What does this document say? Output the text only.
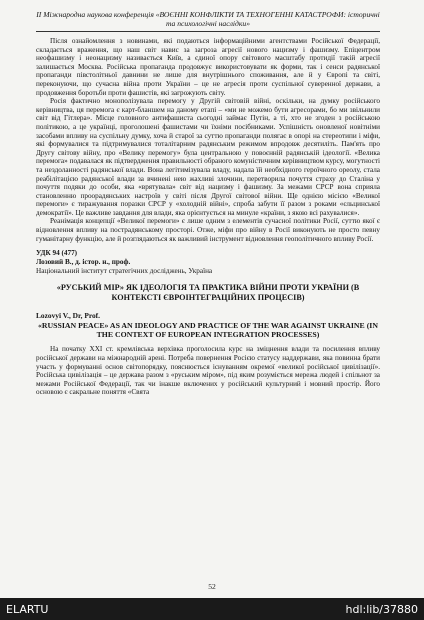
II Міжнародна наукова конференція «ВОЄННІ КОНФЛІКТИ ТА ТЕХНОГЕННІ КАТАСТРОФИ: історичні та психологічні наслідки»

Після ознайомлення з новинами, які подаються інформаційними агентствами Російської Федерації, складається враження, що наш світ навис за загроза агресії нового нацизму і фашизму. Епіцентром неофашизму і неонацизму називається Київ, а єдиної опору світового масштабу протидії такій агресії залишається Москва. Російська пропаганда продовжує використовувати як форми, так і сенси радянської пропаганди півстолітньої давнини не лише для внутрішнього споживання, але й у Європі та світі, переконуючи, що сучасна війна проти України – це не агресія проти суспільної суверенної держави, а продовження боротьби проти фашистів, які загрожують світу.

Росія фактично монополізувала перемогу у Другій світовій війні, оскільки, на думку російського керівництва, ця перемога є карт-бланшем на даному етапі – «ми не можемо бути агресорами, бо ми звільнили світ від Гітлера». Місце головного антифашиста сьогодні займає Путін, а ті, хто не згоден з російською політикою, а це українці, проголошені фашистами чи їхніми посібниками. Успішність оновленої новітніми засобами впливу на суспільну думку, хоча й старої за суттю пропаганди полягає в опорі на стереотипи і міфи, які формувалися та підтримувалися тоталітарним радянським режимом впродовж десятиліть. Пам'ять про Другу світову війну, про «Велику перемогу» була центральною у повоєнній радянській ідеології. «Велика перемога» подавалася як підтвердження правильності обраного комуністичним керівництвом курсу, могутності та нездоланності радянської влади. Вона легітимізувала владу, надала їй необхідного героїчного ореолу, стала реабілітацією радянської влади за вчинені нею жахливі злочини, перетворила почуття страху до Сталіна у почуття подяки до особи, яка «врятувала» світ від нацизму і фашизму. За межами СРСР вона сприяла становленню проорадянських настроїв у світі після Другої світової війни. Ще однією місією «Великої перемоги» є тиражування поразки СРСР у «холодній війні», спроба забути її разом з роками «єльцинської демократії». Це важливе завдання для влади, яка орієнтується на минуле «країни, з якою всі рахувалися».

Реанімація концепції «Великої перемоги» є лише одним з елементів сучасної політики Росії, суттю якої є відновлення впливу на пострадянському просторі. Отже, міфи про війну в Росії виконують не просто певну гуманітарну функцію, але й розглядаються як важливий інструмент відновлення геополітичного впливу Росії.

УДК 94 (477)
Лозовий В., д. істор. н., проф.
Національний інститут стратегічних досліджень, Україна
«РУСЬКИЙ МІР» ЯК ІДЕОЛОГІЯ ТА ПРАКТИКА ВІЙНИ ПРОТИ УКРАЇНИ (В КОНТЕКСТІ ЄВРОІНТЕГРАЦІЙНИХ ПРОЦЕСІВ)
Lozovyi V., Dr, Prof.
«RUSSIAN PEACE» AS AN IDEOLOGY AND PRACTICE OF THE WAR AGAINST UKRAINE (IN THE CONTEXT OF EUROPEAN INTEGRATION PROCESSES)

На початку XXI ст. кремлівська верхівка проголосила курс на зміцнення влади та посилення впливу російської держави на міжнародній арені. Потреба повернення Росією статусу наддержави, яка повинна брати участь у формуванні основ світопорядку, пояснюється існуванням окремої «великої російської цивілізації». Російська цивілізація – це держава разом з «руським міром», під яким розуміється мережа людей і спільнот за межами Російської Федерації, так чи інакше включених у російський культурний і мовний простір. Його основою є сакральне поняття «Свята

52
ELARTU	hdl:lib/37880
